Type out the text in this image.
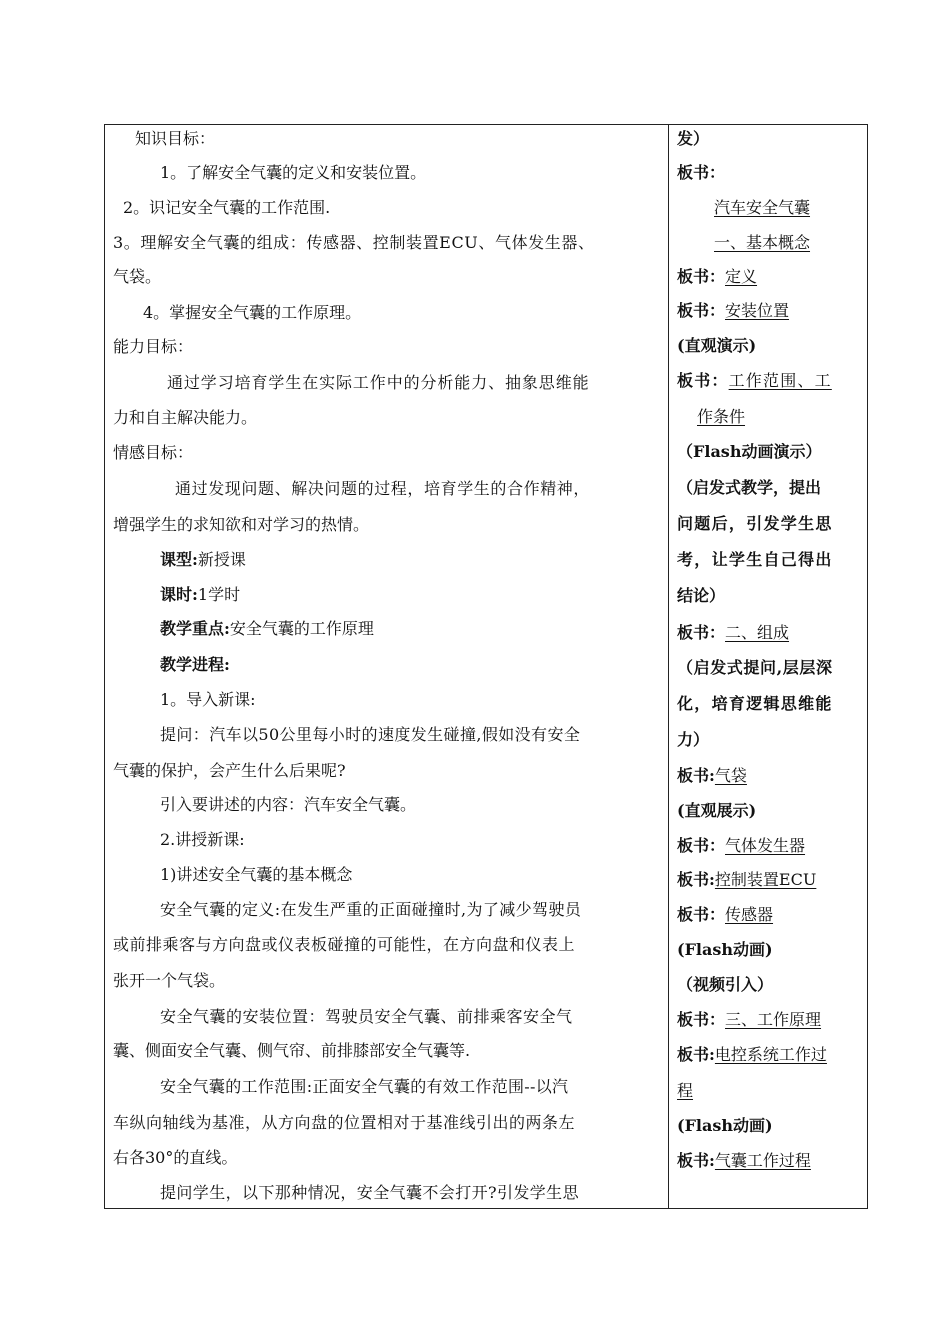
知识目标：
1。了解安全气囊的定义和安装位置。
2。识记安全气囊的工作范围.
3。理解安全气囊的组成：传感器、控制装置ECU、气体发生器、
气袋。
4。掌握安全气囊的工作原理。
能力目标：
通过学习培育学生在实际工作中的分析能力、抽象思维能
力和自主解决能力。
情感目标：
通过发现问题、解决问题的过程，培育学生的合作精神，
增强学生的求知欲和对学习的热情。
课型:新授课
课时:1学时
教学重点:安全气囊的工作原理
教学进程:
1。导入新课:
提问：汽车以50公里每小时的速度发生碰撞,假如没有安全
气囊的保护，会产生什么后果呢?
引入要讲述的内容：汽车安全气囊。
2.讲授新课:
1)讲述安全气囊的基本概念
安全气囊的定义:在发生严重的正面碰撞时,为了减少驾驶员
或前排乘客与方向盘或仪表板碰撞的可能性，在方向盘和仪表上
张开一个气袋。
安全气囊的安装位置：驾驶员安全气囊、前排乘客安全气
囊、侧面安全气囊、侧气帘、前排膝部安全气囊等.
安全气囊的工作范围:正面安全气囊的有效工作范围--以汽
车纵向轴线为基准，从方向盘的位置相对于基准线引出的两条左
右各30°的直线。
提问学生，以下那种情况，安全气囊不会打开?引发学生思
发）
板书：
汽车安全气囊
一、基本概念
板书：定义
板书：安装位置
(直观演示)
板书：工作范围、工
作条件
（Flash动画演示）
（启发式教学，提出
问题后，引发学生思
考，让学生自己得出
结论）
板书：二、组成
（启发式提问,层层深
化，培育逻辑思维能
力）
板书:气袋
(直观展示)
板书：气体发生器
板书:控制装置ECU
板书：传感器
(Flash动画)
（视频引入）
板书：三、工作原理
板书:电控系统工作过
程
(Flash动画)
板书:气囊工作过程
